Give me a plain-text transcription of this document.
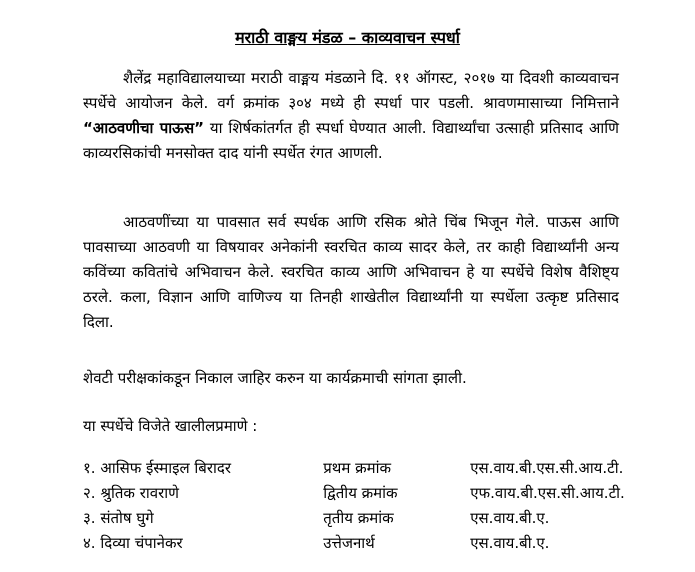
मराठी वाङ्मय मंडळ – काव्यवाचन स्पर्धा
शैलेंद्र महाविद्यालयाच्या मराठी वाङ्मय मंडळाने दि. ११ ऑगस्ट, २०१७ या दिवशी काव्यवाचन स्पर्धेचे आयोजन केले. वर्ग क्रमांक ३०४ मध्ये ही स्पर्धा पार पडली. श्रावणमासाच्या निमित्ताने “आठवणीचा पाऊस” या शिर्षकांतर्गत ही स्पर्धा घेण्यात आली. विद्यार्थ्यांचा उत्साही प्रतिसाद आणि काव्यरसिकांची मनसोक्त दाद यांनी स्पर्धेत रंगत आणली.
आठवणींच्या या पावसात सर्व स्पर्धक आणि रसिक श्रोते चिंब भिजून गेले. पाऊस आणि पावसाच्या आठवणी या विषयावर अनेकांनी स्वरचित काव्य सादर केले, तर काही विद्यार्थ्यांनी अन्य कविंच्या कवितांचे अभिवाचन केले. स्वरचित काव्य आणि अभिवाचन हे या स्पर्धेचे विशेष वैशिष्ट्य ठरले. कला, विज्ञान आणि वाणिज्य या तिनही शाखेतील विद्यार्थ्यांनी या स्पर्धेला उत्कृष्ट प्रतिसाद दिला.
शेवटी परीक्षकांकडून निकाल जाहिर करुन या कार्यक्रमाची सांगता झाली.
या स्पर्धेचे विजेते खालीलप्रमाणे :
१. आसिफ ईस्माइल बिरादर	प्रथम क्रमांक	एस.वाय.बी.एस.सी.आय.टी.
२. श्रुतिक रावराणे	द्वितीय क्रमांक	एफ.वाय.बी.एस.सी.आय.टी.
३. संतोष घुगे	तृतीय क्रमांक	एस.वाय.बी.ए.
४. दिव्या चंपानेकर	उत्तेजनार्थ	एस.वाय.बी.ए.
